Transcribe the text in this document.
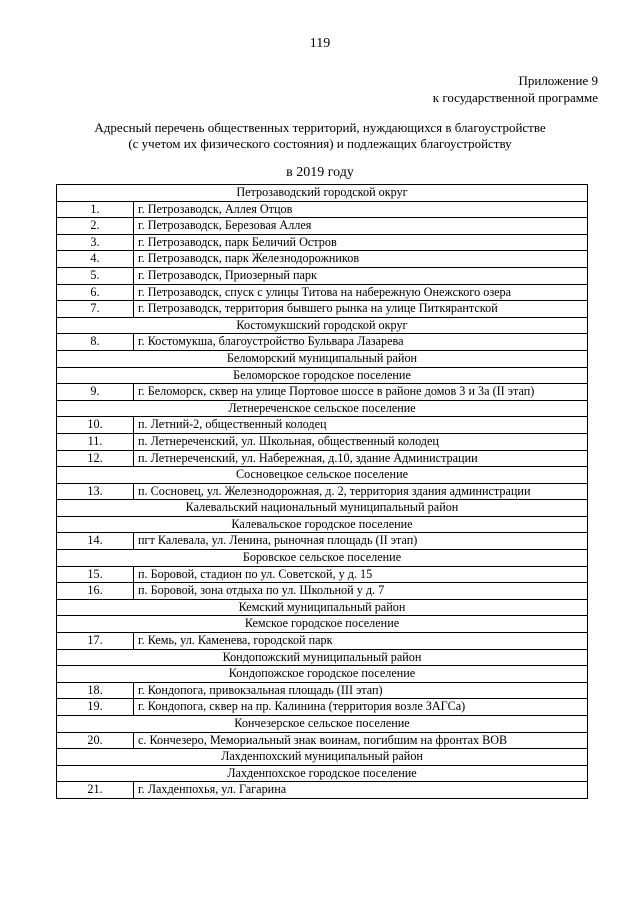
119
Приложение 9
к государственной программе
Адресный перечень общественных территорий, нуждающихся в благоустройстве
(с учетом их физического состояния) и подлежащих благоустройству
в 2019 году
Петрозаводский городской округ	
1.	г. Петрозаводск, Аллея Отцов
2.	г. Петрозаводск, Березовая Аллея
3.	г. Петрозаводск, парк Беличий Остров
4.	г. Петрозаводск, парк Железнодорожников
5.	г. Петрозаводск, Приозерный парк
6.	г. Петрозаводск, спуск с улицы Титова на набережную Онежского озера
7.	г. Петрозаводск, территория бывшего рынка на улице Питкярантской
Костомукшский городской округ	
8.	г. Костомукша, благоустройство Бульвара Лазарева
Беломорский муниципальный район	
Беломорское городское поселение	
9.	г. Беломорск, сквер на улице Портовое шоссе в районе домов 3 и 3а (II этап)
Летнереченское сельское поселение	
10.	п. Летний-2, общественный колодец
11.	п. Летнереченский, ул. Школьная, общественный колодец
12.	п. Летнереченский, ул. Набережная, д.10, здание Администрации
Сосновецкое сельское поселение	
13.	п. Сосновец, ул. Железнодорожная, д. 2, территория здания администрации
Калевальский национальный муниципальный район	
Калевальское городское поселение	
14.	пгт Калевала, ул. Ленина, рыночная площадь (II этап)
Боровское сельское поселение	
15.	п. Боровой, стадион по ул. Советской, у д. 15
16.	п. Боровой, зона отдыха по ул. Школьной у д. 7
Кемский муниципальный район	
Кемское городское поселение	
17.	г. Кемь, ул. Каменева, городской парк
Кондопожский муниципальный район	
Кондопожское городское поселение	
18.	г. Кондопога, привокзальная площадь (III этап)
19.	г. Кондопога, сквер на пр. Калинина (территория возле ЗАГСа)
Кончезерское сельское поселение	
20.	с. Кончезеро, Мемориальный знак воинам, погибшим на фронтах ВОВ
Лахденпохский муниципальный район	
Лахденпохское городское поселение	
21.	г. Лахденпохья, ул. Гагарина
